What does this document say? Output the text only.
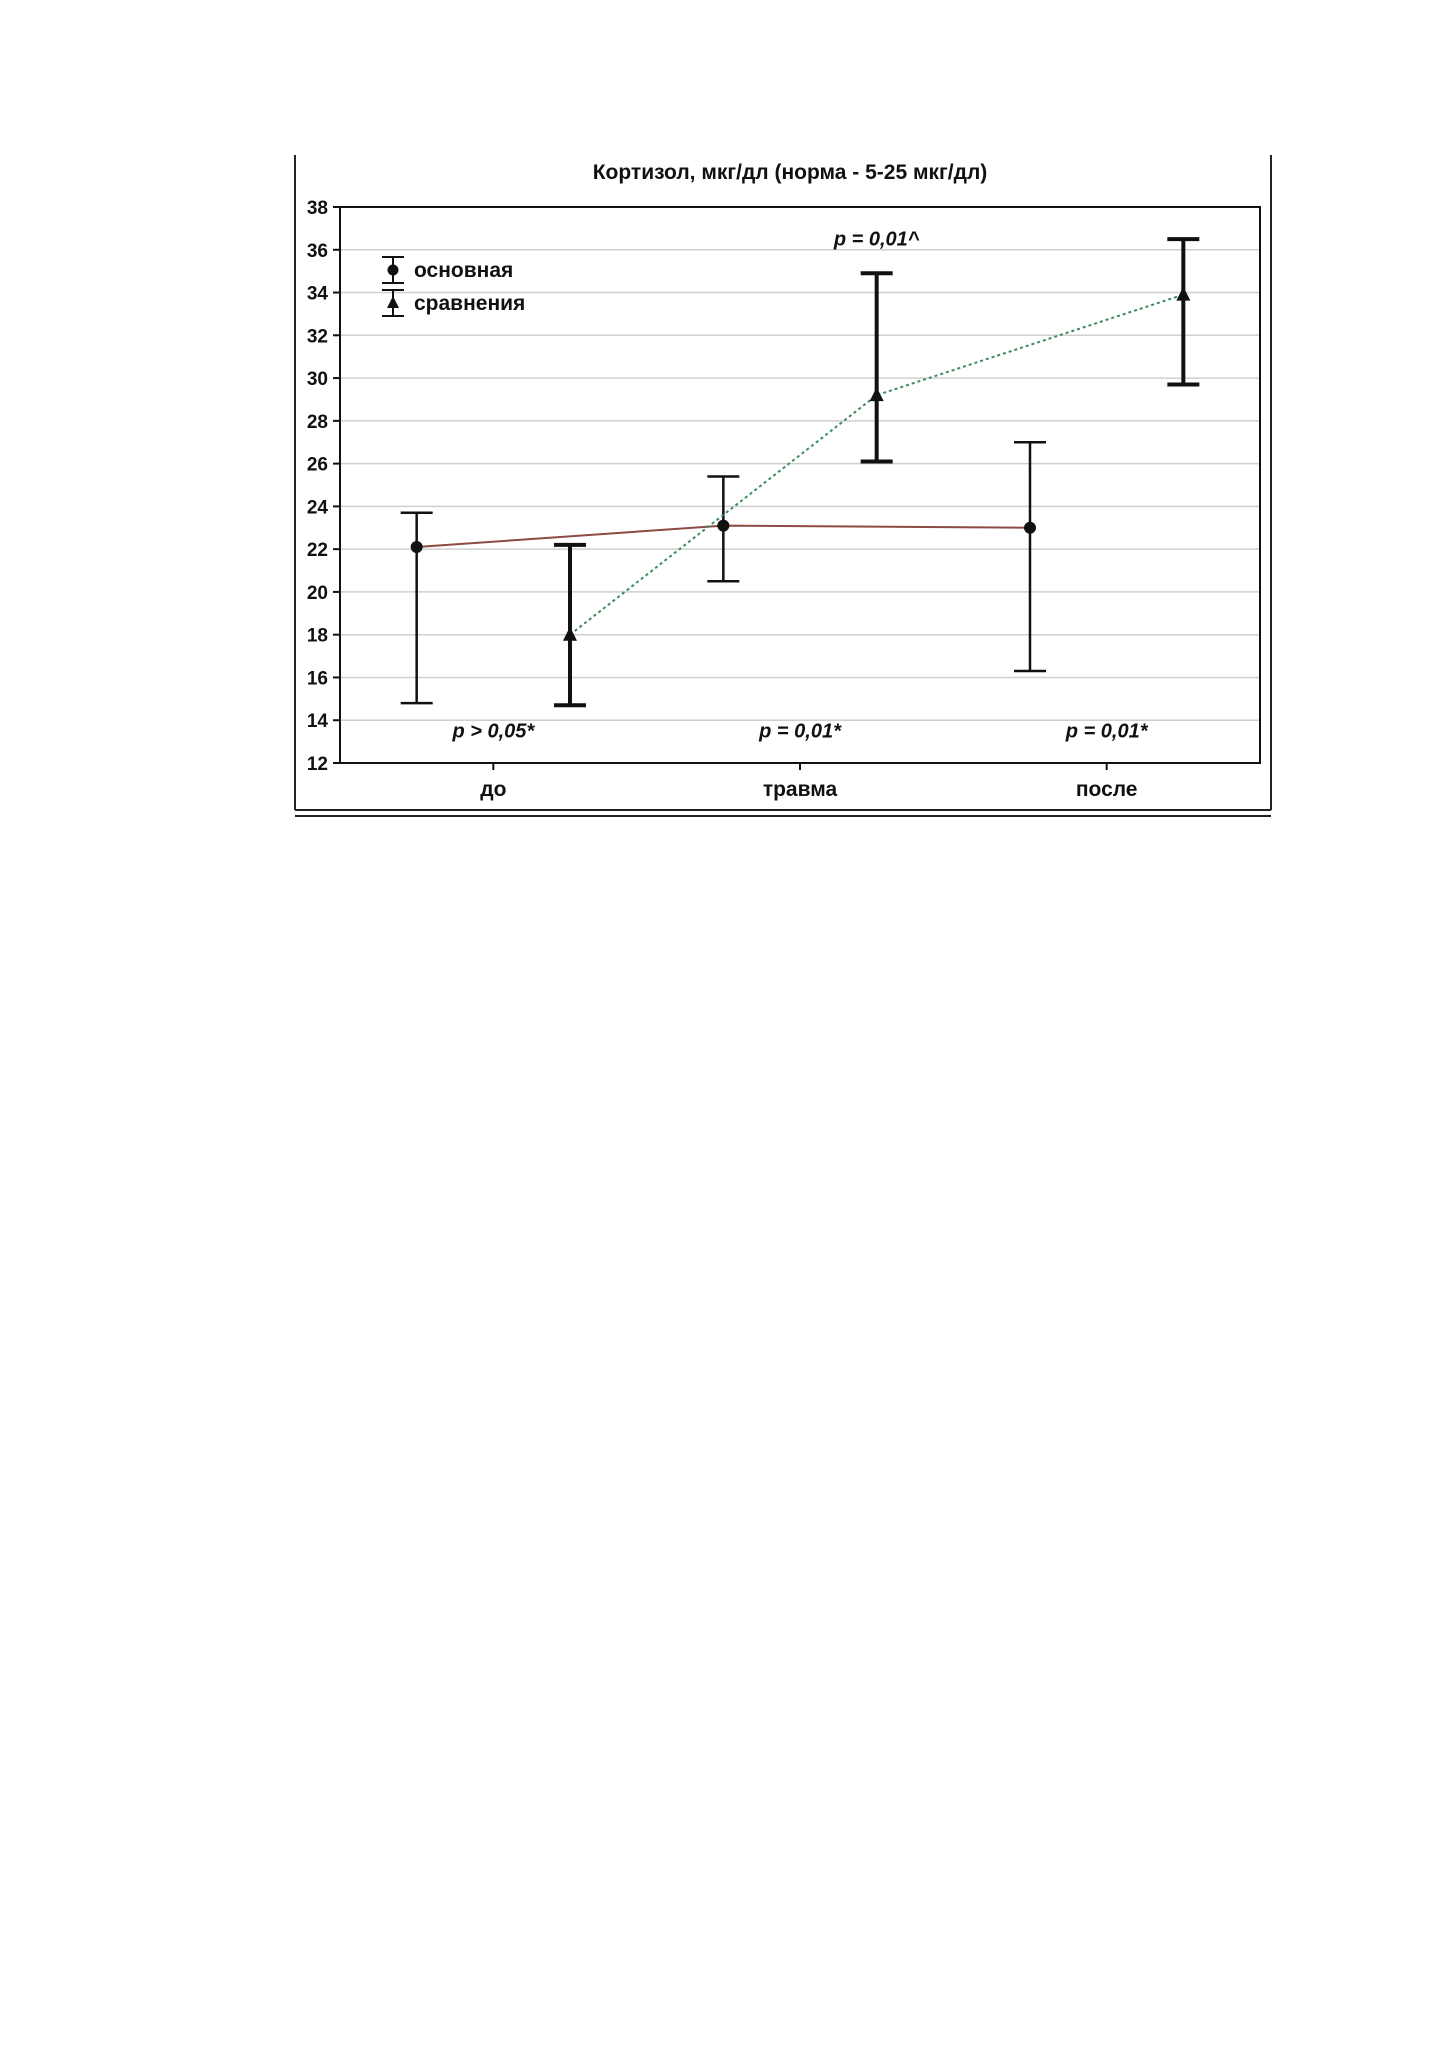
Кортизол, мкг/дл (норма - 5-25 мкг/дл)
12
14
16
18
20
22
24
26
28
30
32
34
36
38
до	травма	после
p > 0,05*	p = 0,01*	p = 0,01*
p = 0,01^
основная
сравнения
